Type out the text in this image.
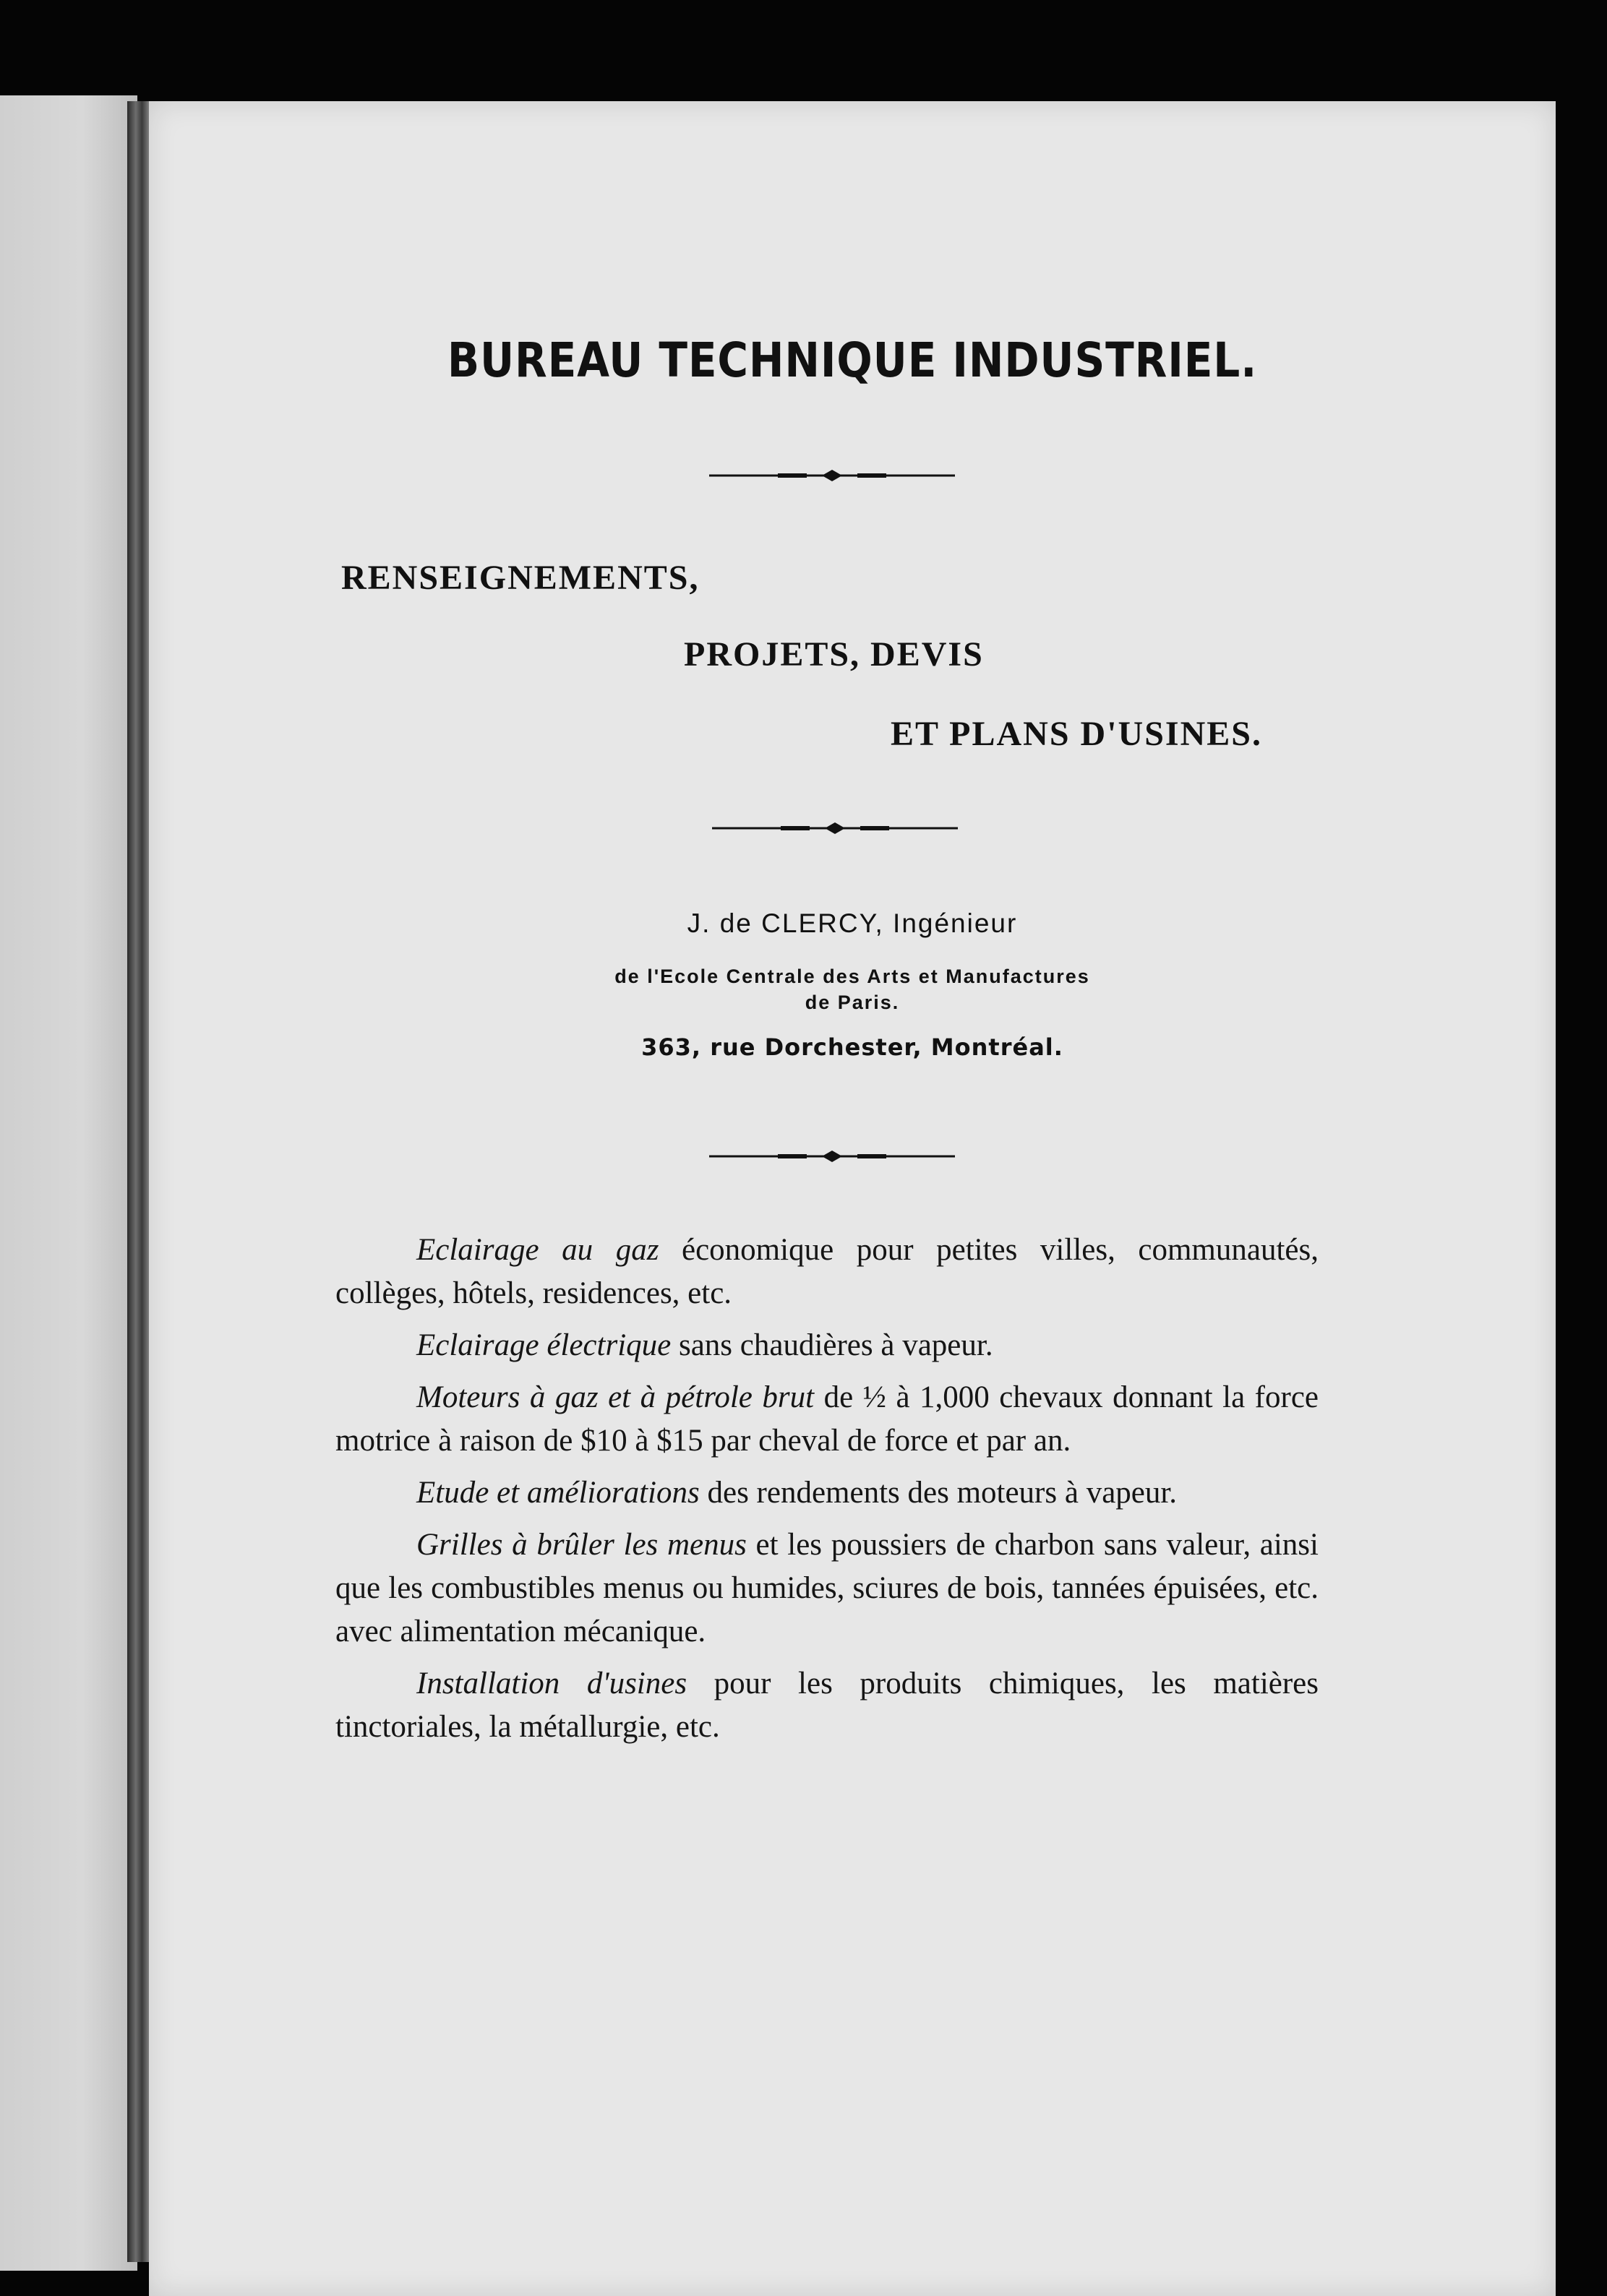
BUREAU TECHNIQUE INDUSTRIEL.
RENSEIGNEMENTS,
PROJETS, DEVIS
ET PLANS D'USINES.
J. de CLERCY, Ingénieur
de l'Ecole Centrale des Arts et Manufactures
de Paris.
363, rue Dorchester, Montréal.

Eclairage au gaz économique pour petites villes, communautés, collèges, hôtels, residences, etc.

Eclairage électrique sans chaudières à vapeur.

Moteurs à gaz et à pétrole brut de ½ à 1,000 chevaux donnant la force motrice à raison de $10 à $15 par cheval de force et par an.

Etude et améliorations des rendements des moteurs à vapeur.

Grilles à brûler les menus et les poussiers de charbon sans valeur, ainsi que les combustibles menus ou humides, sciures de bois, tannées épuisées, etc. avec alimentation mécanique.

Installation d'usines pour les produits chimiques, les matières tinctoriales, la métallurgie, etc.
